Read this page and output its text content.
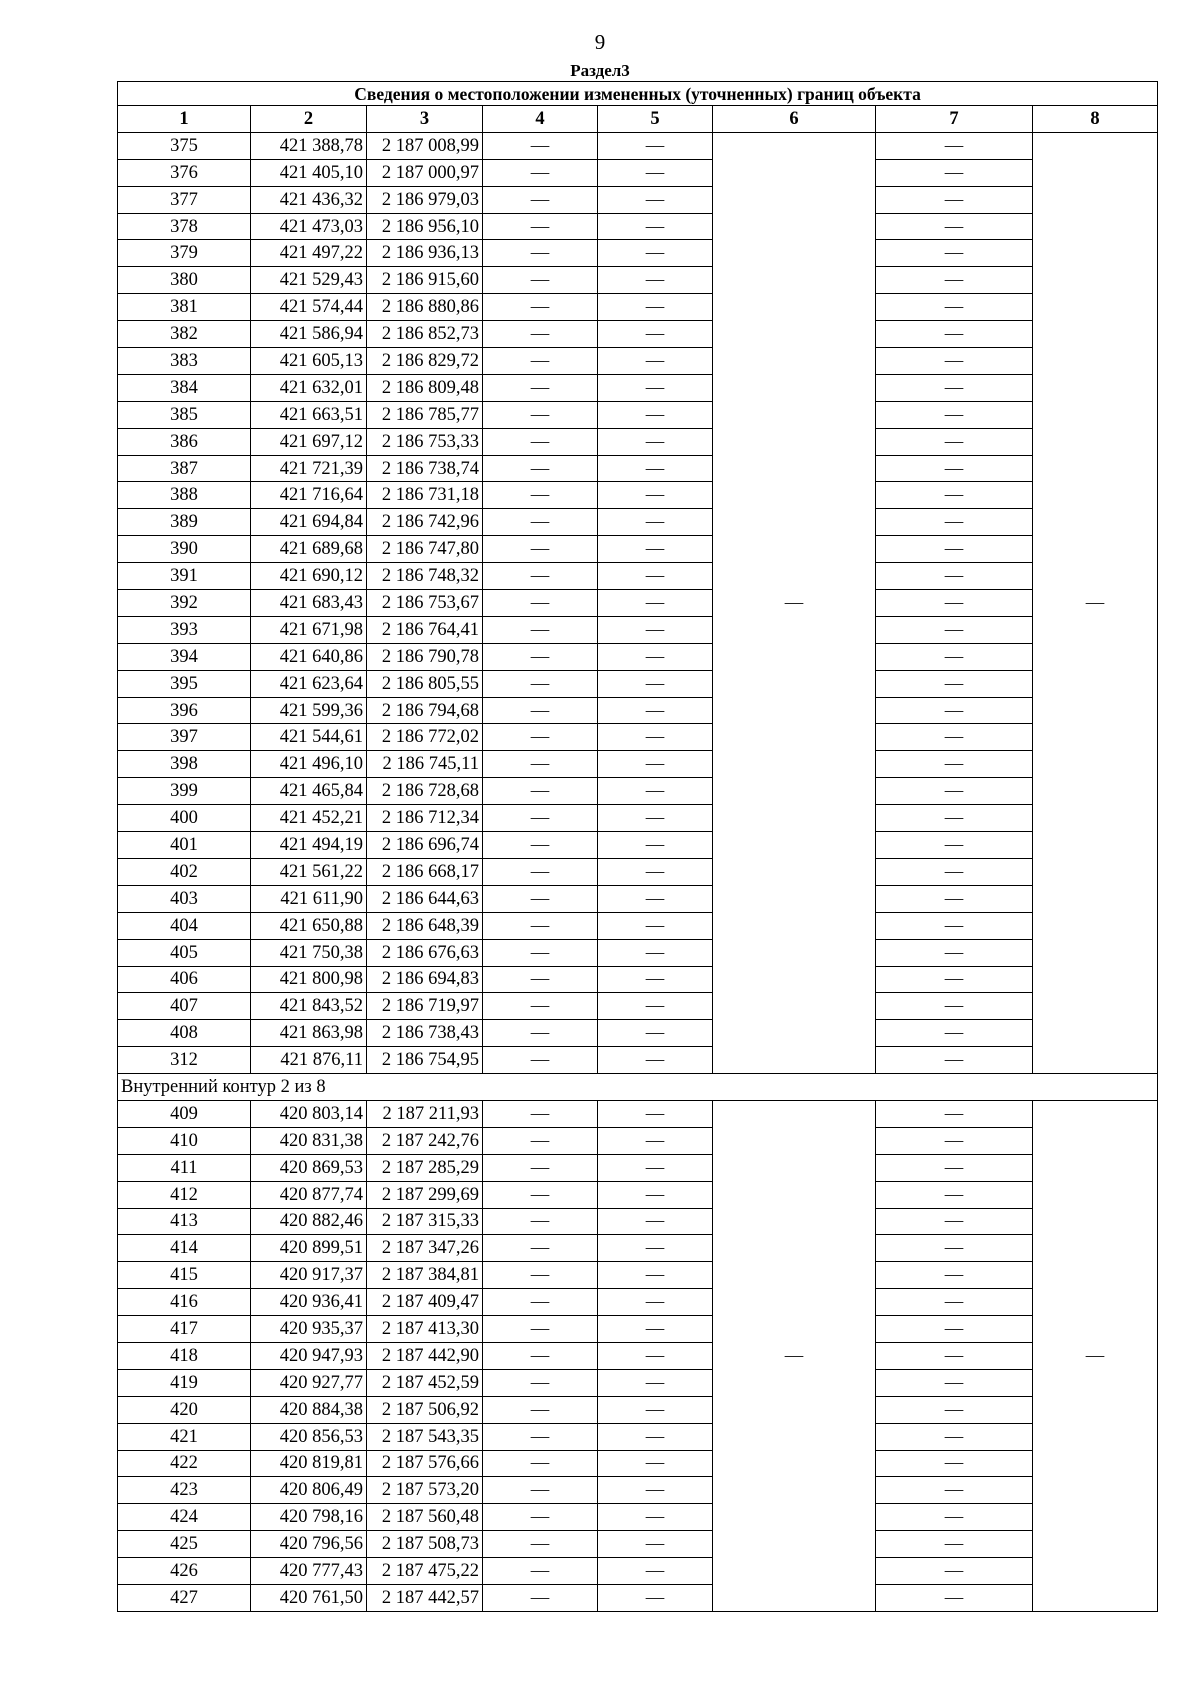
9
Раздел3
Сведения о местоположении измененных (уточненных) границ объекта							
1	2	3	4	5	6	7	8
375	421 388,78	2 187 008,99	—	—	—	—	—
376	421 405,10	2 187 000,97	—	—		—	
377	421 436,32	2 186 979,03	—	—		—	
378	421 473,03	2 186 956,10	—	—		—	
379	421 497,22	2 186 936,13	—	—		—	
380	421 529,43	2 186 915,60	—	—		—	
381	421 574,44	2 186 880,86	—	—		—	
382	421 586,94	2 186 852,73	—	—		—	
383	421 605,13	2 186 829,72	—	—		—	
384	421 632,01	2 186 809,48	—	—		—	
385	421 663,51	2 186 785,77	—	—		—	
386	421 697,12	2 186 753,33	—	—		—	
387	421 721,39	2 186 738,74	—	—		—	
388	421 716,64	2 186 731,18	—	—		—	
389	421 694,84	2 186 742,96	—	—		—	
390	421 689,68	2 186 747,80	—	—		—	
391	421 690,12	2 186 748,32	—	—		—	
392	421 683,43	2 186 753,67	—	—		—	
393	421 671,98	2 186 764,41	—	—		—	
394	421 640,86	2 186 790,78	—	—		—	
395	421 623,64	2 186 805,55	—	—		—	
396	421 599,36	2 186 794,68	—	—		—	
397	421 544,61	2 186 772,02	—	—		—	
398	421 496,10	2 186 745,11	—	—		—	
399	421 465,84	2 186 728,68	—	—		—	
400	421 452,21	2 186 712,34	—	—		—	
401	421 494,19	2 186 696,74	—	—		—	
402	421 561,22	2 186 668,17	—	—		—	
403	421 611,90	2 186 644,63	—	—		—	
404	421 650,88	2 186 648,39	—	—		—	
405	421 750,38	2 186 676,63	—	—		—	
406	421 800,98	2 186 694,83	—	—		—	
407	421 843,52	2 186 719,97	—	—		—	
408	421 863,98	2 186 738,43	—	—		—	
312	421 876,11	2 186 754,95	—	—		—	
Внутренний контур 2 из 8							
409	420 803,14	2 187 211,93	—	—	—	—	—
410	420 831,38	2 187 242,76	—	—		—	
411	420 869,53	2 187 285,29	—	—		—	
412	420 877,74	2 187 299,69	—	—		—	
413	420 882,46	2 187 315,33	—	—		—	
414	420 899,51	2 187 347,26	—	—		—	
415	420 917,37	2 187 384,81	—	—		—	
416	420 936,41	2 187 409,47	—	—		—	
417	420 935,37	2 187 413,30	—	—		—	
418	420 947,93	2 187 442,90	—	—		—	
419	420 927,77	2 187 452,59	—	—		—	
420	420 884,38	2 187 506,92	—	—		—	
421	420 856,53	2 187 543,35	—	—		—	
422	420 819,81	2 187 576,66	—	—		—	
423	420 806,49	2 187 573,20	—	—		—	
424	420 798,16	2 187 560,48	—	—		—	
425	420 796,56	2 187 508,73	—	—		—	
426	420 777,43	2 187 475,22	—	—		—	
427	420 761,50	2 187 442,57	—	—		—	
